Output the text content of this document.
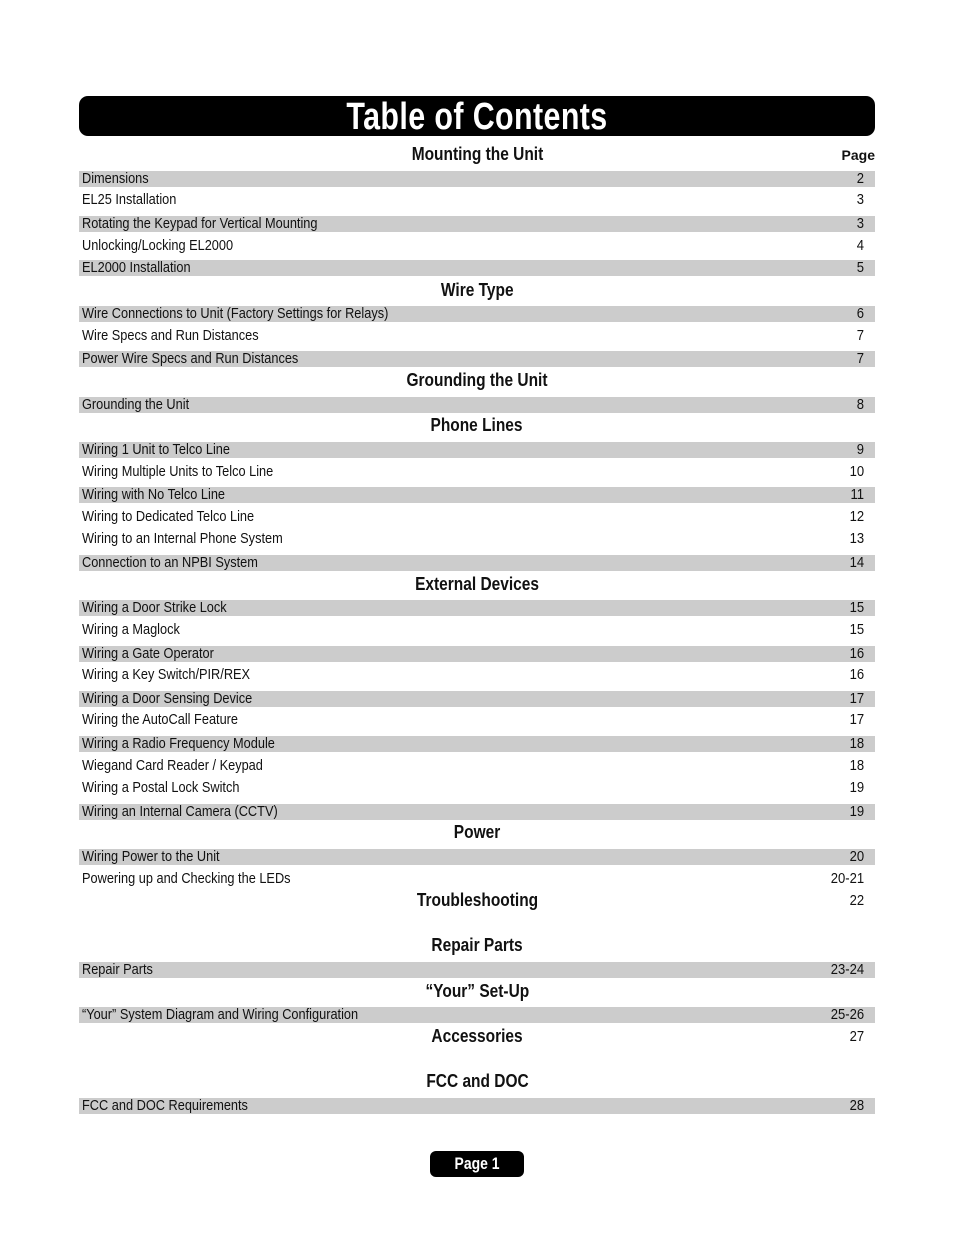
Table of Contents
Mounting the Unit	Page
Dimensions	2
EL25 Installation	3
Rotating the Keypad for Vertical Mounting	3
Unlocking/Locking EL2000	4
EL2000 Installation	5
Wire Type
Wire Connections to Unit (Factory Settings for Relays)	6
Wire Specs and Run Distances	7
Power Wire Specs and Run Distances	7
Grounding the Unit
Grounding the Unit	8
Phone Lines
Wiring 1 Unit to Telco Line	9
Wiring Multiple Units to Telco Line	10
Wiring with No Telco Line	11
Wiring to Dedicated Telco Line	12
Wiring to an Internal Phone System	13
Connection to an NPBI System	14
External Devices
Wiring a Door Strike Lock	15
Wiring a Maglock	15
Wiring a Gate Operator	16
Wiring a Key Switch/PIR/REX	16
Wiring a Door Sensing Device	17
Wiring the AutoCall Feature	17
Wiring a Radio Frequency Module	18
Wiegand Card Reader / Keypad	18
Wiring a Postal Lock Switch	19
Wiring an Internal Camera (CCTV)	19
Power
Wiring Power to the Unit	20
Powering up and Checking the LEDs	20-21
Troubleshooting	22
Repair Parts
Repair Parts	23-24
“Your” Set-Up
“Your” System Diagram and Wiring Configuration	25-26
Accessories	27
FCC and DOC
FCC and DOC Requirements	28
Page 1
